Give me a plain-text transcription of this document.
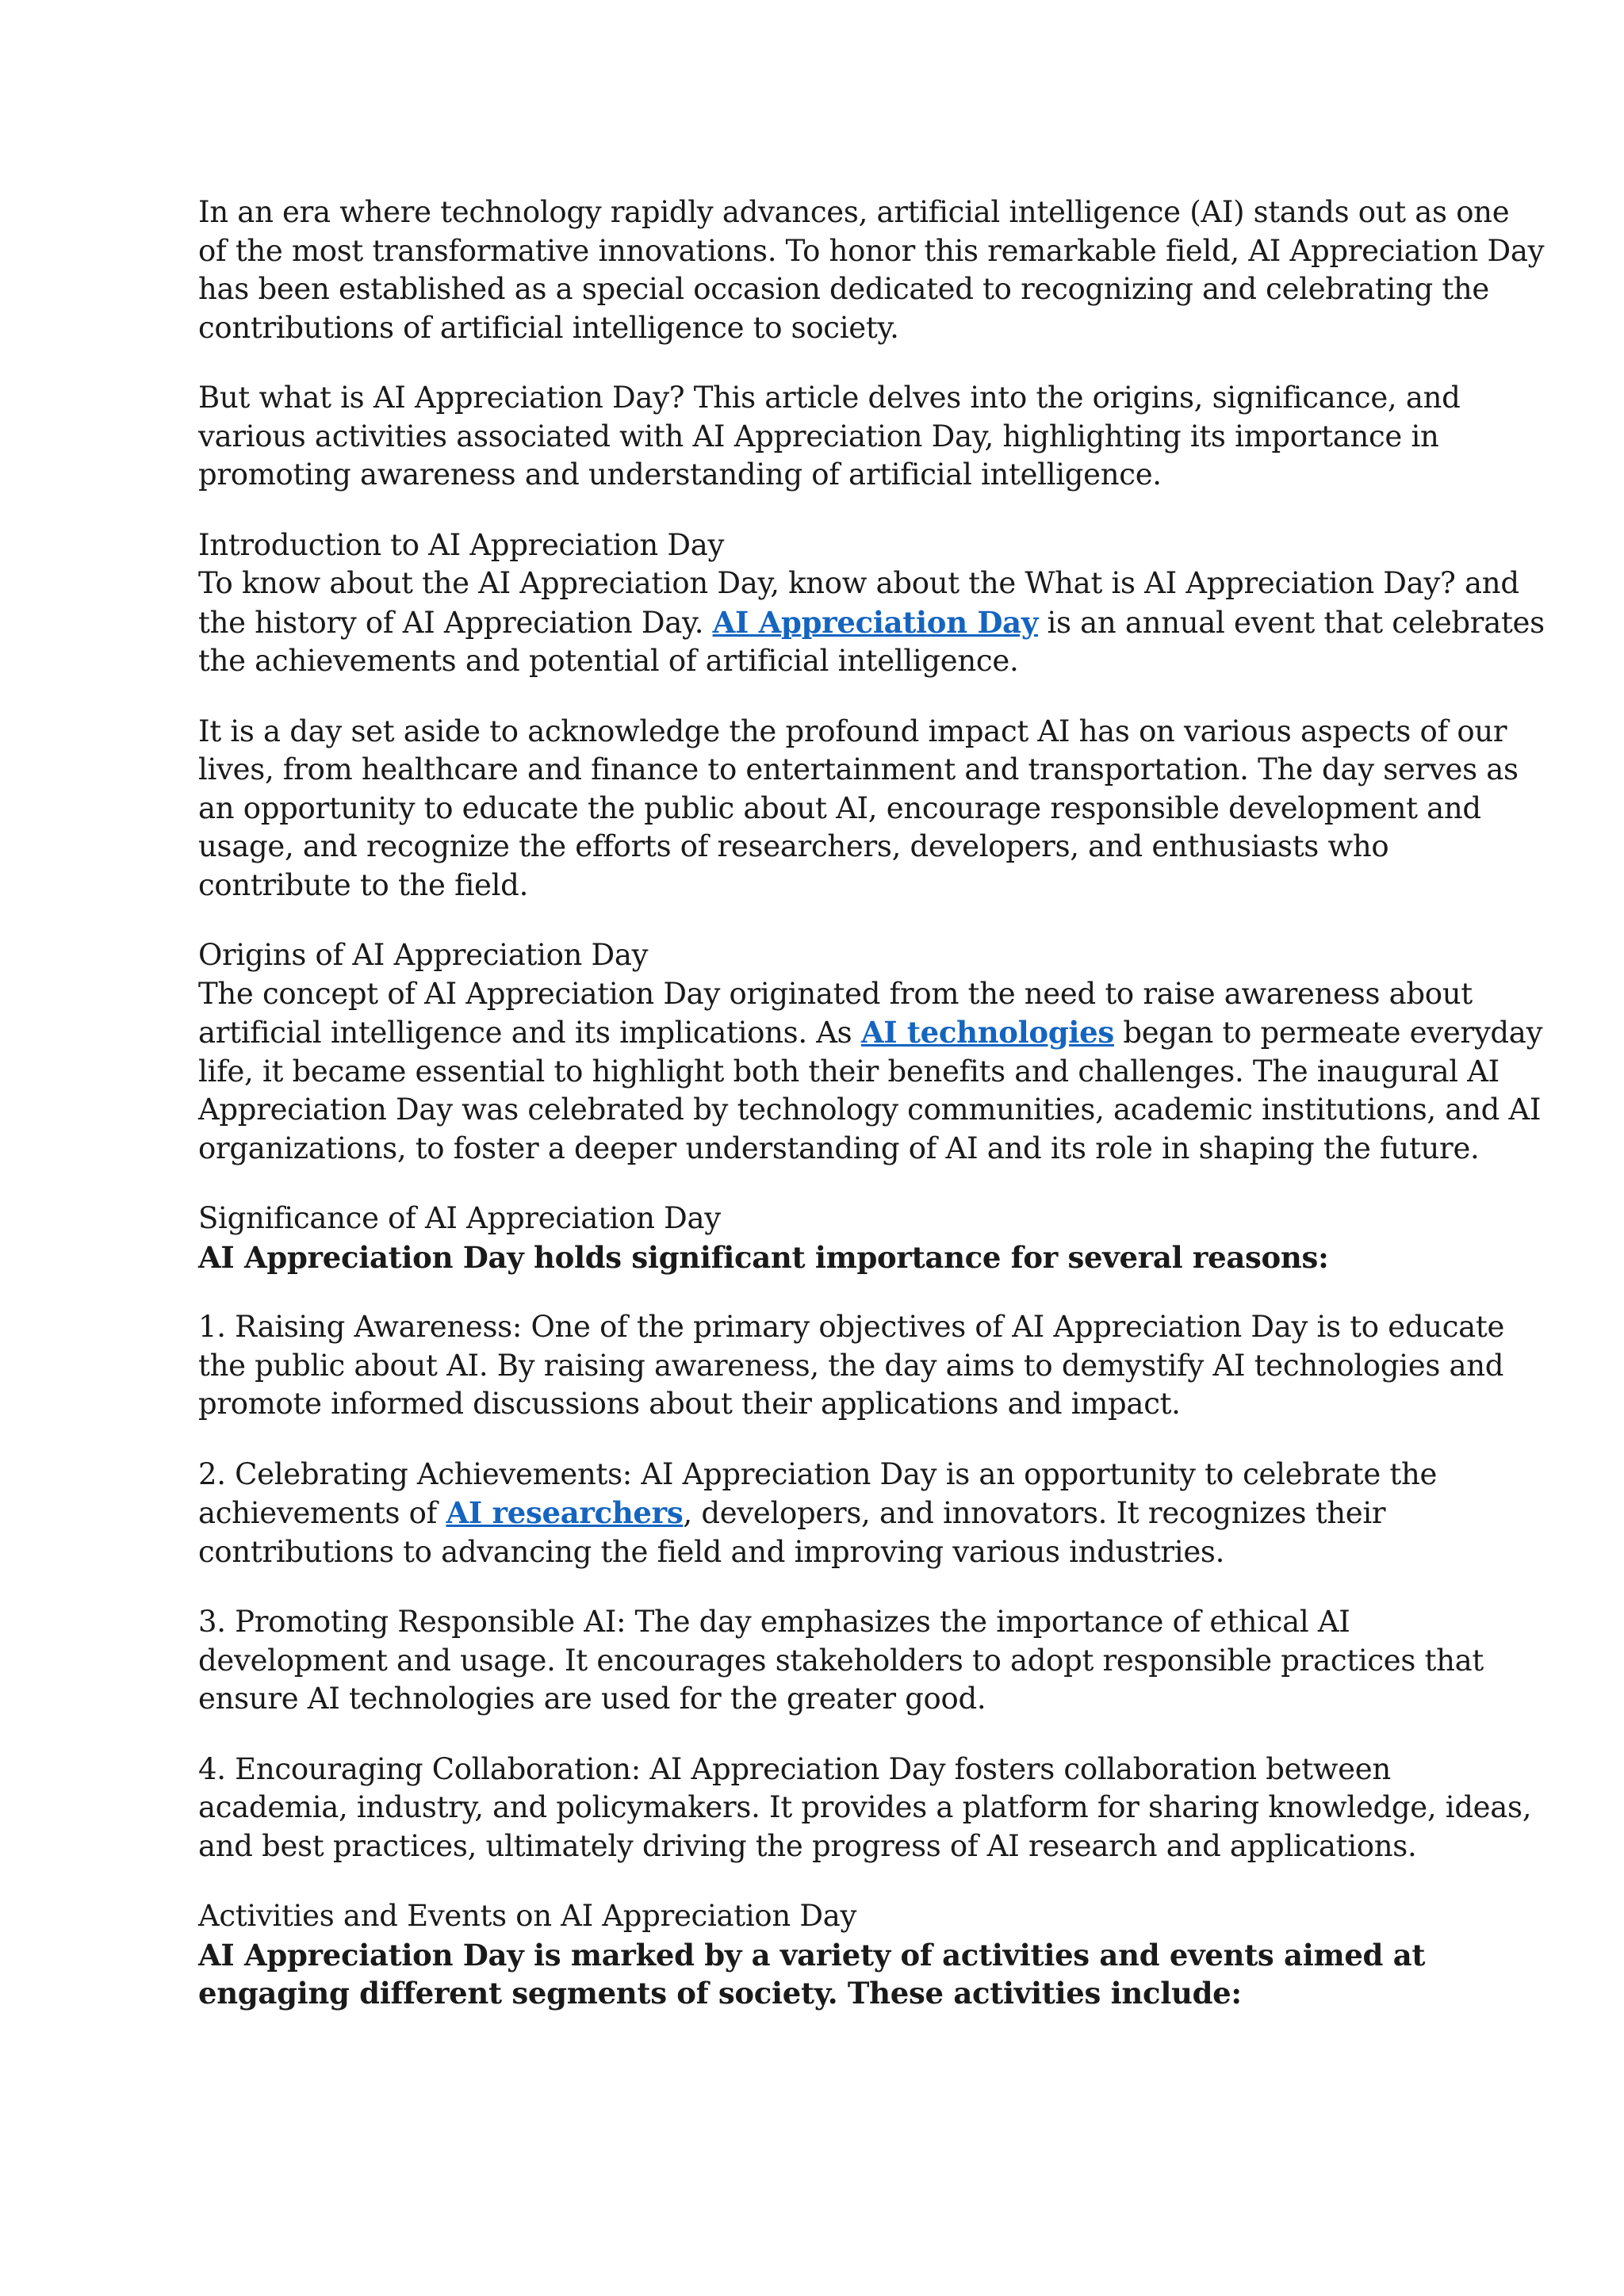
In an era where technology rapidly advances, artificial intelligence (AI) stands out as one of the most transformative innovations. To honor this remarkable field, AI Appreciation Day has been established as a special occasion dedicated to recognizing and celebrating the contributions of artificial intelligence to society.

But what is AI Appreciation Day? This article delves into the origins, significance, and various activities associated with AI Appreciation Day, highlighting its importance in promoting awareness and understanding of artificial intelligence.

Introduction to AI Appreciation Day

To know about the AI Appreciation Day, know about the What is AI Appreciation Day? and the history of AI Appreciation Day. AI Appreciation Day is an annual event that celebrates the achievements and potential of artificial intelligence.

It is a day set aside to acknowledge the profound impact AI has on various aspects of our lives, from healthcare and finance to entertainment and transportation. The day serves as an opportunity to educate the public about AI, encourage responsible development and usage, and recognize the efforts of researchers, developers, and enthusiasts who contribute to the field.

Origins of AI Appreciation Day

The concept of AI Appreciation Day originated from the need to raise awareness about artificial intelligence and its implications. As AI technologies began to permeate everyday life, it became essential to highlight both their benefits and challenges. The inaugural AI Appreciation Day was celebrated by technology communities, academic institutions, and AI organizations, to foster a deeper understanding of AI and its role in shaping the future.

Significance of AI Appreciation Day

AI Appreciation Day holds significant importance for several reasons:

1. Raising Awareness: One of the primary objectives of AI Appreciation Day is to educate the public about AI. By raising awareness, the day aims to demystify AI technologies and promote informed discussions about their applications and impact.

2. Celebrating Achievements: AI Appreciation Day is an opportunity to celebrate the achievements of AI researchers, developers, and innovators. It recognizes their contributions to advancing the field and improving various industries.

3. Promoting Responsible AI: The day emphasizes the importance of ethical AI development and usage. It encourages stakeholders to adopt responsible practices that ensure AI technologies are used for the greater good.

4. Encouraging Collaboration: AI Appreciation Day fosters collaboration between academia, industry, and policymakers. It provides a platform for sharing knowledge, ideas, and best practices, ultimately driving the progress of AI research and applications.

Activities and Events on AI Appreciation Day

AI Appreciation Day is marked by a variety of activities and events aimed at engaging different segments of society. These activities include:
